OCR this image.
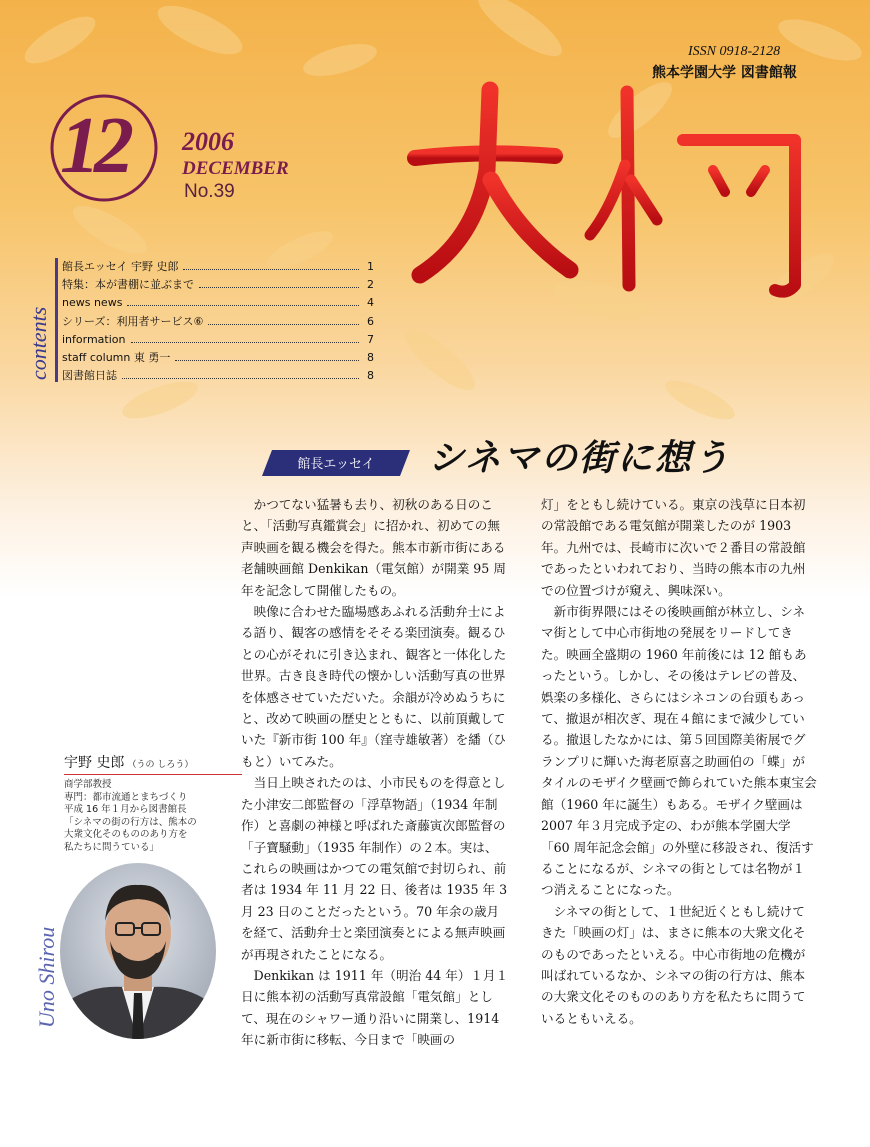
ISSN 0918-2128
熊本学園大学 図書館報
12	2006
DECEMBER
No.39
contents
館長エッセイ 宇野 史郎	1
特集：本が書棚に並ぶまで	2
news news	4
シリーズ：利用者サービス⑥	6
information	7
staff column 東 勇一	8
図書館日誌	8
館長エッセイ シネマの街に想う

かつてない猛暑も去り、初秋のある日のこと、「活動写真鑑賞会」に招かれ、初めての無声映画を観る機会を得た。熊本市新市街にある老舗映画館 Denkikan（電気館）が開業 95 周年を記念して開催したもの。

映像に合わせた臨場感あふれる活動弁士による語り、観客の感情をそそる楽団演奏。観るひとの心がそれに引き込まれ、観客と一体化した世界。古き良き時代の懐かしい活動写真の世界を体感させていただいた。余韻が冷めぬうちにと、改めて映画の歴史とともに、以前頂戴していた『新市街 100 年』（窪寺雄敏著）を繙（ひもと）いてみた。

当日上映されたのは、小市民ものを得意とした小津安二郎監督の「浮草物語」（1934 年制作）と喜劇の神様と呼ばれた斎藤寅次郎監督の「子寶騒動」（1935 年制作）の２本。実は、これらの映画はかつての電気館で封切られ、前者は 1934 年 11 月 22 日、後者は 1935 年 3 月 23 日のことだったという。70 年余の歳月を経て、活動弁士と楽団演奏とによる無声映画が再現されたことになる。

Denkikan は 1911 年（明治 44 年）１月１日に熊本初の活動写真常設館「電気館」として、現在のシャワー通り沿いに開業し、1914 年に新市街に移転、今日まで「映画の

灯」をともし続けている。東京の浅草に日本初の常設館である電気館が開業したのが 1903 年。九州では、長崎市に次いで２番目の常設館であったといわれており、当時の熊本市の九州での位置づけが窺え、興味深い。

新市街界隈にはその後映画館が林立し、シネマ街として中心市街地の発展をリードしてきた。映画全盛期の 1960 年前後には 12 館もあったという。しかし、その後はテレビの普及、娯楽の多様化、さらにはシネコンの台頭もあって、撤退が相次ぎ、現在４館にまで減少している。撤退したなかには、第５回国際美術展でグランプリに輝いた海老原喜之助画伯の「蝶」がタイルのモザイク壁画で飾られていた熊本東宝会館（1960 年に誕生）もある。モザイク壁画は 2007 年３月完成予定の、わが熊本学園大学「60 周年記念会館」の外壁に移設され、復活することになるが、シネマの街としては名物が１つ消えることになった。

シネマの街として、１世紀近くともし続けてきた「映画の灯」は、まさに熊本の大衆文化そのものであったといえる。中心市街地の危機が叫ばれているなか、シネマの街の行方は、熊本の大衆文化そのもののあり方を私たちに問うているともいえる。

宇野 史郎 （うの しろう）
商学部教授
専門：都市流通とまちづくり
平成 16 年１月から図書館長
「シネマの街の行方は、熊本の
大衆文化そのもののあり方を
私たちに問うている」
Uno Shirou
